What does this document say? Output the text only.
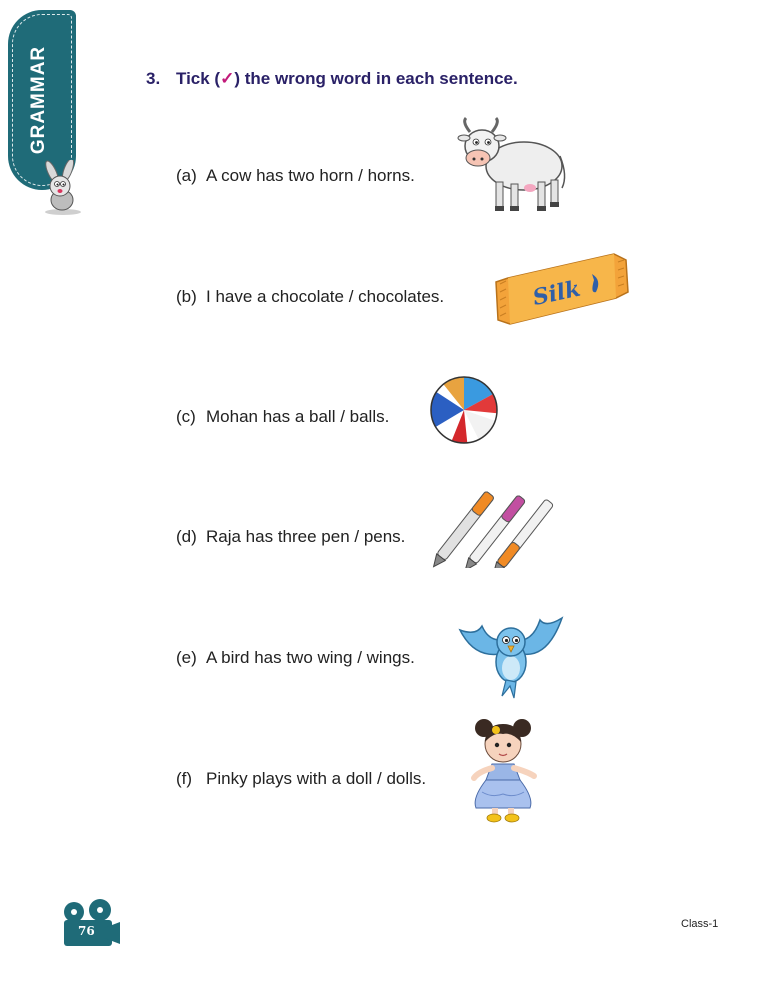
GRAMMAR	3. Tick (✓) the wrong word in each sentence.
(a) A cow has two horn / horns.
(b) I have a chocolate / chocolates.	Silk
(c) Mohan has a ball / balls.
(d) Raja has three pen / pens.
(e) A bird has two wing / wings.
(f) Pinky plays with a doll / dolls.
76	Class-1
